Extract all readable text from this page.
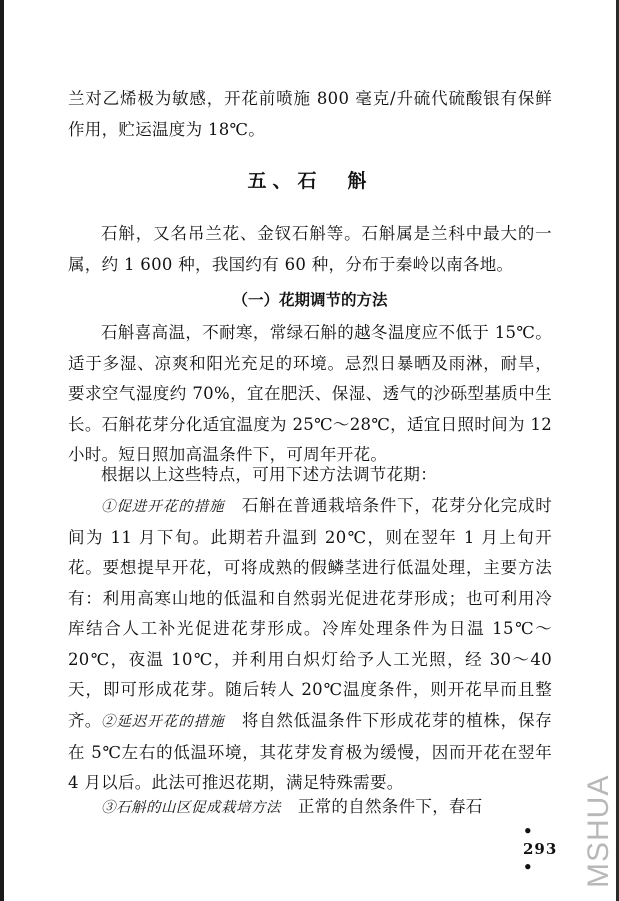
兰对乙烯极为敏感，开花前喷施 800 毫克/升硫代硫酸银有保鲜作用，贮运温度为 18℃。

五、石　斛

石斛，又名吊兰花、金钗石斛等。石斛属是兰科中最大的一属，约 1 600 种，我国约有 60 种，分布于秦岭以南各地。

（一）花期调节的方法

石斛喜高温，不耐寒，常绿石斛的越冬温度应不低于 15℃。适于多湿、凉爽和阳光充足的环境。忌烈日暴晒及雨淋，耐旱，要求空气湿度约 70%，宜在肥沃、保湿、透气的沙砾型基质中生长。石斛花芽分化适宜温度为 25℃～28℃，适宜日照时间为 12 小时。短日照加高温条件下，可周年开花。

根据以上这些特点，可用下述方法调节花期：

①促进开花的措施　 石斛在普通栽培条件下，花芽分化完成时间为 11 月下旬。此期若升温到 20℃，则在翌年 1 月上旬开花。要想提早开花，可将成熟的假鳞茎进行低温处理，主要方法有：利用高寒山地的低温和自然弱光促进花芽形成；也可利用冷库结合人工补光促进花芽形成。冷库处理条件为日温 15℃～20℃，夜温 10℃，并利用白炽灯给予人工光照，经 30～40 天，即可形成花芽。随后转人 20℃温度条件，则开花早而且整齐。 ②延迟开花的措施　 将自然低温条件下形成花芽的植株，保存在 5℃左右的低温环境，其花芽发育极为缓慢，因而开花在翌年 4 月以后。此法可推迟花期，满足特殊需要。

③石斛的山区促成栽培方法　 正常的自然条件下，春石

• 293 •	MSHUA
